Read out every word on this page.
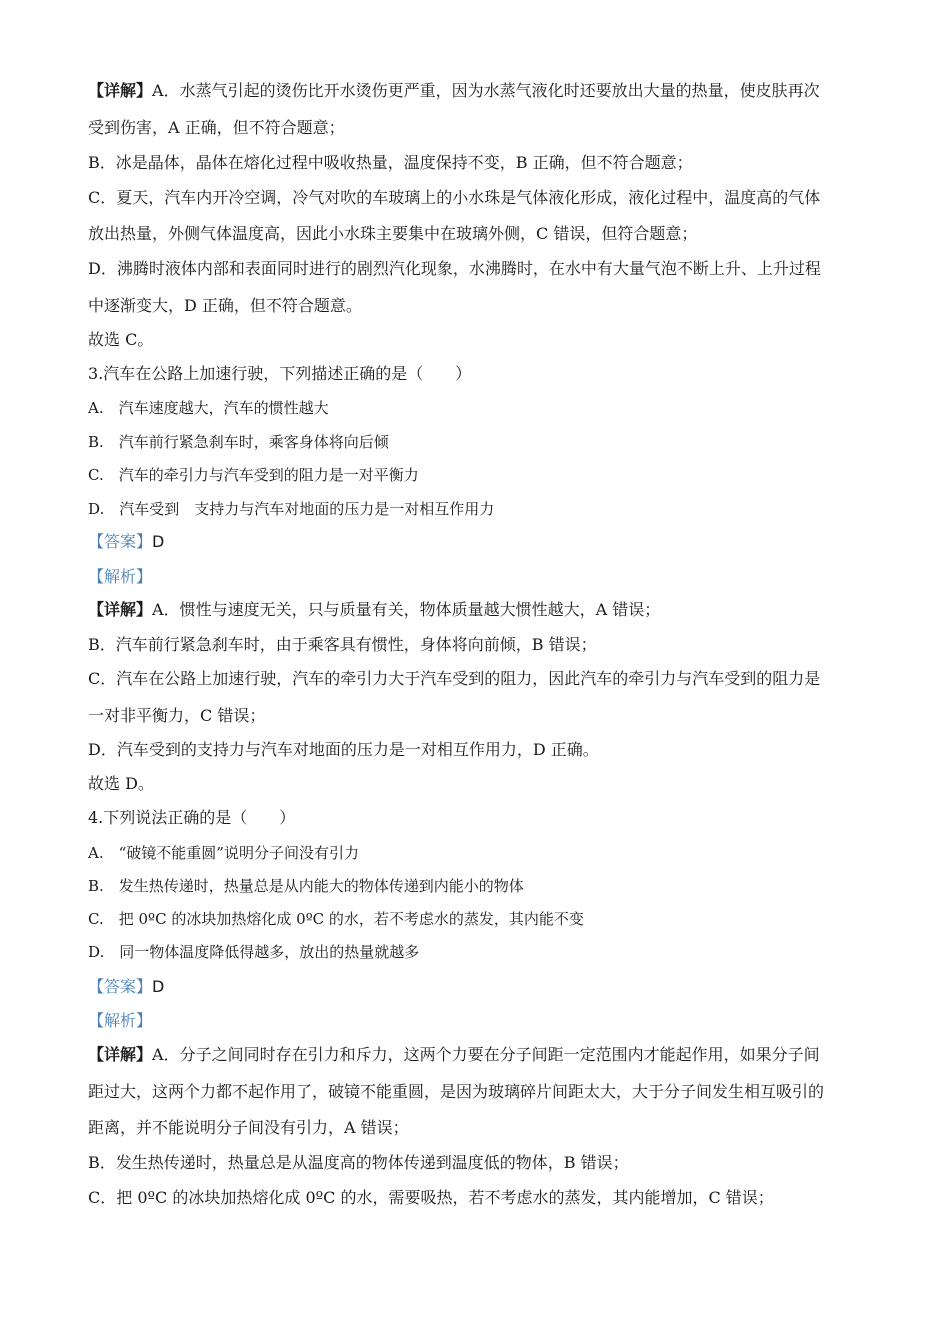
【详解】A．水蒸气引起的烫伤比开水烫伤更严重，因为水蒸气液化时还要放出大量的热量，使皮肤再次
受到伤害，A 正确，但不符合题意；
B．冰是晶体，晶体在熔化过程中吸收热量，温度保持不变，B 正确，但不符合题意；
C．夏天，汽车内开冷空调，冷气对吹的车玻璃上的小水珠是气体液化形成，液化过程中，温度高的气体
放出热量，外侧气体温度高，因此小水珠主要集中在玻璃外侧，C 错误，但符合题意；
D．沸腾时液体内部和表面同时进行的剧烈汽化现象，水沸腾时，在水中有大量气泡不断上升、上升过程
中逐渐变大，D 正确，但不符合题意。
故选 C。
3.汽车在公路上加速行驶，下列描述正确的是（　　）
A.　汽车速度越大，汽车的惯性越大
B.　汽车前行紧急刹车时，乘客身体将向后倾
C.　汽车的牵引力与汽车受到的阻力是一对平衡力
D.　汽车受到　支持力与汽车对地面的压力是一对相互作用力
【答案】D
【解析】
【详解】A．惯性与速度无关，只与质量有关，物体质量越大惯性越大，A 错误；
B．汽车前行紧急刹车时，由于乘客具有惯性，身体将向前倾，B 错误；
C．汽车在公路上加速行驶，汽车的牵引力大于汽车受到的阻力，因此汽车的牵引力与汽车受到的阻力是
一对非平衡力，C 错误；
D．汽车受到的支持力与汽车对地面的压力是一对相互作用力，D 正确。
故选 D。
4.下列说法正确的是（　　）
A.　“破镜不能重圆”说明分子间没有引力
B.　发生热传递时，热量总是从内能大的物体传递到内能小的物体
C.　把 0ºC 的冰块加热熔化成 0ºC 的水，若不考虑水的蒸发，其内能不变
D.　同一物体温度降低得越多，放出的热量就越多
【答案】D
【解析】
【详解】A．分子之间同时存在引力和斥力，这两个力要在分子间距一定范围内才能起作用，如果分子间
距过大，这两个力都不起作用了，破镜不能重圆，是因为玻璃碎片间距太大，大于分子间发生相互吸引的
距离，并不能说明分子间没有引力，A 错误；
B．发生热传递时，热量总是从温度高的物体传递到温度低的物体，B 错误；
C．把 0ºC 的冰块加热熔化成 0ºC 的水，需要吸热，若不考虑水的蒸发，其内能增加，C 错误；
